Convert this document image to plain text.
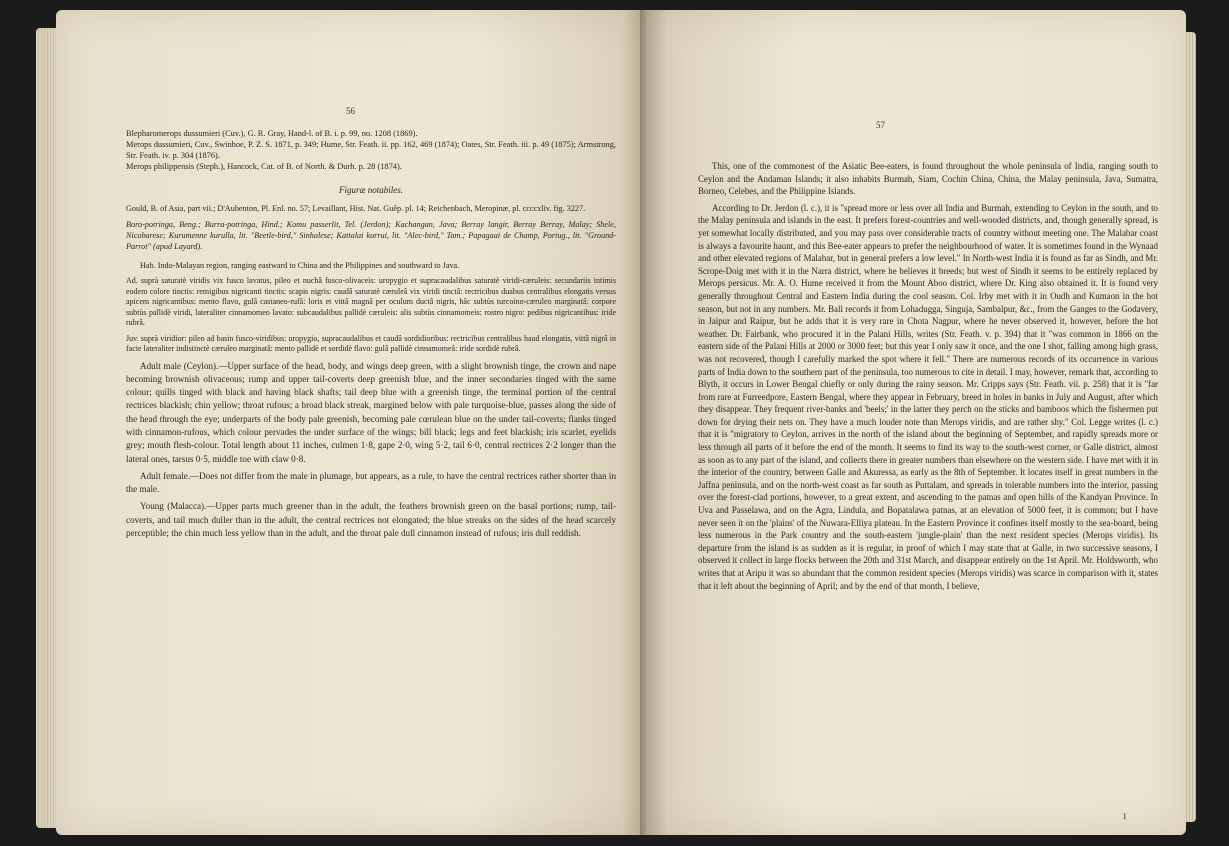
56

Blepharomerops dussumieri (Cuv.), G. R. Gray, Hand-l. of B. i. p. 99, no. 1208 (1869).

Merops dussumieri, Cuv., Swinhoe, P. Z. S. 1871, p. 349; Hume, Str. Feath. ii. pp. 162, 469 (1874); Oates, Str. Feath. iii. p. 49 (1875); Armstrong, Str. Feath. iv. p. 304 (1876).

Merops philippensis (Steph.), Hancock, Cat. of B. of North. & Durh. p. 28 (1874).

Figuræ notabiles.

Gould, B. of Asia, part vii.; D'Aubenton, Pl. Enl. no. 57; Levaillant, Hist. Nat. Guêp. pl. 14; Reichenbach, Meropinæ, pl. ccccxliv. fig. 3227.

Boro-potringa, Beng.; Burra-potringa, Hind.; Komu passerlit, Tel. (Jerdon); Kachangan, Java; Berray langir, Berray Berray, Malay; Shele, Nicobarese; Kurumenne kurulla, lit. "Beetle-bird," Sinhalese; Kattalai kurrui, lit. "Alec-bird," Tam.; Papagaai de Champ, Portug., lit. "Ground-Parrot" (apud Layard).

Hab. Indo-Malayan region, ranging eastward to China and the Philippines and southward to Java.

Ad. suprà saturatè viridis vix fusco lavatus, pileo et nuchâ fusco-olivaceis: uropygio et supracaudalibus saturatè viridi-cæruleis: secundariis intimis eodem colore tinctis: remigibus nigricanti tinctis: scapis nigris: caudâ saturatè cæruleâ vix viridi tinctâ: rectricibus duabus centralibus elongatis versus apicem nigricantibus: mento flavo, gulâ castaneo-rufâ: loris et vittâ magnâ per oculum ductâ nigris, hâc subtùs turcoino-cæruleo marginatâ: corpore subtùs pallidè viridi, lateraliter cinnamomeo lavato: subcaudalibus pallidè cæruleis: alis subtùs cinnamomeis: rostro nigro: pedibus nigricantibus: iride rubrâ.

Juv. suprà viridior: pileo ad basin fusco-viridibus: uropygio, supracaudalibus et caudâ sordidioribus: rectricibus centralibus haud elongatis, vittâ nigrâ in facie lateraliter indistinctè cæruleo marginatâ: mento pallidè et sordidè flavo: gulâ pallidè cinnamomeâ: iride sordidè rubrâ.

Adult male (Ceylon).—Upper surface of the head, body, and wings deep green, with a slight brownish tinge, the crown and nape becoming brownish olivaceous; rump and upper tail-coverts deep greenish blue, and the inner secondaries tinged with the same colour; quills tinged with black and having black shafts; tail deep blue with a greenish tinge, the terminal portion of the central rectrices blackish; chin yellow; throat rufous; a broad black streak, margined below with pale turquoise-blue, passes along the side of the head through the eye; underparts of the body pale greenish, becoming pale cœrulean blue on the under tail-coverts; flanks tinged with cinnamon-rufous, which colour pervades the under surface of the wings; bill black; legs and feet blackish; iris scarlet, eyelids grey; mouth flesh-colour. Total length about 11 inches, culmen 1·8, gape 2·0, wing 5·2, tail 6·0, central rectrices 2·2 longer than the lateral ones, tarsus 0·5, middle toe with claw 0·8.

Adult female.—Does not differ from the male in plumage, but appears, as a rule, to have the central rectrices rather shorter than in the male.

Young (Malacca).—Upper parts much greener than in the adult, the feathers brownish green on the basal portions; rump, tail-coverts, and tail much duller than in the adult, the central rectrices not elongated; the blue streaks on the sides of the head scarcely perceptible; the chin much less yellow than in the adult, and the throat pale dull cinnamon instead of rufous; iris dull reddish.

57

This, one of the commonest of the Asiatic Bee-eaters, is found throughout the whole peninsula of India, ranging south to Ceylon and the Andaman Islands; it also inhabits Burmah, Siam, Cochin China, China, the Malay peninsula, Java, Sumatra, Borneo, Celebes, and the Philippine Islands.

According to Dr. Jerdon (l. c.), it is "spread more or less over all India and Burmah, extending to Ceylon in the south, and to the Malay peninsula and islands in the east. It prefers forest-countries and well-wooded districts, and, though generally spread, is yet somewhat locally distributed, and you may pass over considerable tracts of country without meeting one. The Malabar coast is always a favourite haunt, and this Bee-eater appears to prefer the neighbourhood of water. It is sometimes found in the Wynaad and other elevated regions of Malabar, but in general prefers a low level." In North-west India it is found as far as Sindh, and Mr. Scrope-Doig met with it in the Narra district, where he believes it breeds; but west of Sindh it seems to be entirely replaced by Merops persicus. Mr. A. O. Hume received it from the Mount Aboo district, where Dr. King also obtained it. It is found very generally throughout Central and Eastern India during the cool season. Col. Irby met with it in Oudh and Kumaon in the hot season, but not in any numbers. Mr. Ball records it from Lohadugga, Singuja, Sambalpur, &c., from the Ganges to the Godavery, in Jaipur and Raipur, but he adds that it is very rare in Chota Nagpur, where he never observed it, however, before the hot weather. Dr. Fairbank, who procured it in the Palani Hills, writes (Str. Feath. v. p. 394) that it "was common in 1866 on the eastern side of the Palani Hills at 2000 or 3000 feet; but this year I only saw it once, and the one I shot, falling among high grass, was not recovered, though I carefully marked the spot where it fell." There are numerous records of its occurrence in various parts of India down to the southern part of the peninsula, too numerous to cite in detail. I may, however, remark that, according to Blyth, it occurs in Lower Bengal chiefly or only during the rainy season. Mr. Cripps says (Str. Feath. vii. p. 258) that it is "far from rare at Furreedpore, Eastern Bengal, where they appear in February, breed in holes in banks in July and August, after which they disappear. They frequent river-banks and 'beels;' in the latter they perch on the sticks and bamboos which the fishermen put down for drying their nets on. They have a much louder note than Merops viridis, and are rather shy." Col. Legge writes (l. c.) that it is "migratory to Ceylon, arrives in the north of the island about the beginning of September, and rapidly spreads more or less through all parts of it before the end of the month. It seems to find its way to the south-west corner, or Galle district, almost as soon as to any part of the island, and collects there in greater numbers than elsewhere on the western side. I have met with it in the interior of the country, between Galle and Akuressa, as early as the 8th of September. It locates itself in great numbers in the Jaffna peninsula, and on the north-west coast as far south as Puttalam, and spreads in tolerable numbers into the interior, passing over the forest-clad portions, however, to a great extent, and ascending to the patnas and open hills of the Kandyan Province. In Uva and Passelawa, and on the Agra, Lindula, and Bopatalawa patnas, at an elevation of 5000 feet, it is common; but I have never seen it on the 'plains' of the Nuwara-Elliya plateau. In the Eastern Province it confines itself mostly to the sea-board, being less numerous in the Park country and the south-eastern 'jungle-plain' than the next resident species (Merops viridis). Its departure from the island is as sudden as it is regular, in proof of which I may state that at Galle, in two successive seasons, I observed it collect in large flocks between the 20th and 31st March, and disappear entirely on the 1st April. Mr. Holdsworth, who writes that at Aripu it was so abundant that the common resident species (Merops viridis) was scarce in comparison with it, states that it left about the beginning of April; and by the end of that month, I believe,

I
